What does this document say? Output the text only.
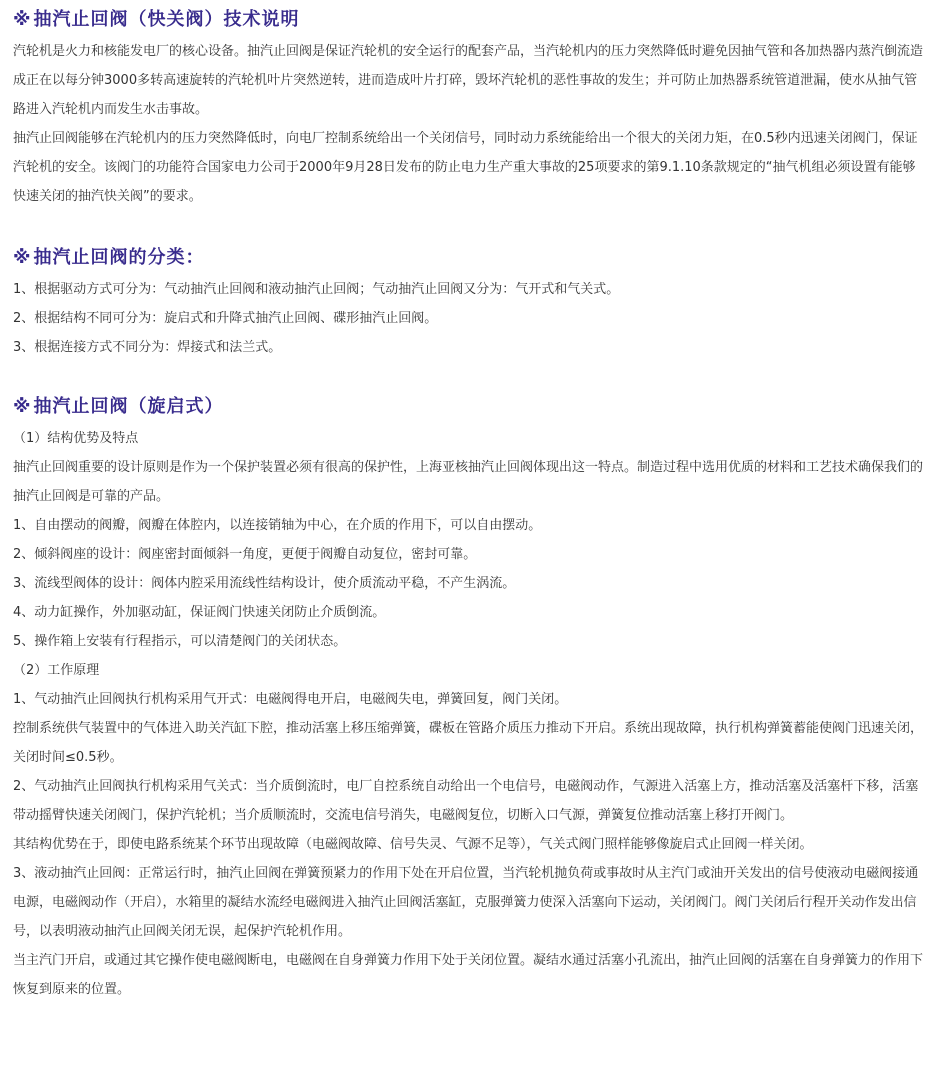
※ 抽汽止回阀（快关阀）技术说明

汽轮机是火力和核能发电厂的核心设备。抽汽止回阀是保证汽轮机的安全运行的配套产品，当汽轮机内的压力突然降低时避免因抽气管和各加热器内蒸汽倒流造成正在以每分钟3000多转高速旋转的汽轮机叶片突然逆转，进而造成叶片打碎，毁坏汽轮机的恶性事故的发生；并可防止加热器系统管道泄漏，使水从抽气管路进入汽轮机内而发生水击事故。

抽汽止回阀能够在汽轮机内的压力突然降低时，向电厂控制系统给出一个关闭信号，同时动力系统能给出一个很大的关闭力矩，在0.5秒内迅速关闭阀门，保证汽轮机的安全。该阀门的功能符合国家电力公司于2000年9月28日发布的防止电力生产重大事故的25项要求的第9.1.10条款规定的“抽气机组必须设置有能够快速关闭的抽汽快关阀”的要求。

※ 抽汽止回阀的分类：

1、根据驱动方式可分为：气动抽汽止回阀和液动抽汽止回阀；气动抽汽止回阀又分为：气开式和气关式。

2、根据结构不同可分为：旋启式和升降式抽汽止回阀、碟形抽汽止回阀。

3、根据连接方式不同分为：焊接式和法兰式。

※ 抽汽止回阀（旋启式）

（1）结构优势及特点

抽汽止回阀重要的设计原则是作为一个保护装置必须有很高的保护性，上海亚核抽汽止回阀体现出这一特点。制造过程中选用优质的材料和工艺技术确保我们的抽汽止回阀是可靠的产品。

1、自由摆动的阀瓣，阀瓣在体腔内，以连接销轴为中心，在介质的作用下，可以自由摆动。

2、倾斜阀座的设计：阀座密封面倾斜一角度，更便于阀瓣自动复位，密封可靠。

3、流线型阀体的设计：阀体内腔采用流线性结构设计，使介质流动平稳，不产生涡流。

4、动力缸操作，外加驱动缸，保证阀门快速关闭防止介质倒流。

5、操作箱上安装有行程指示，可以清楚阀门的关闭状态。

（2）工作原理

1、气动抽汽止回阀执行机构采用气开式：电磁阀得电开启，电磁阀失电，弹簧回复，阀门关闭。

控制系统供气装置中的气体进入助关汽缸下腔，推动活塞上移压缩弹簧，碟板在管路介质压力推动下开启。系统出现故障，执行机构弹簧蓄能使阀门迅速关闭，关闭时间≤0.5秒。

2、气动抽汽止回阀执行机构采用气关式：当介质倒流时，电厂自控系统自动给出一个电信号，电磁阀动作，气源进入活塞上方，推动活塞及活塞杆下移，活塞带动摇臂快速关闭阀门，保护汽轮机；当介质顺流时，交流电信号消失，电磁阀复位，切断入口气源，弹簧复位推动活塞上移打开阀门。

其结构优势在于，即使电路系统某个环节出现故障（电磁阀故障、信号失灵、气源不足等），气关式阀门照样能够像旋启式止回阀一样关闭。

3、液动抽汽止回阀：正常运行时，抽汽止回阀在弹簧预紧力的作用下处在开启位置，当汽轮机抛负荷或事故时从主汽门或油开关发出的信号使液动电磁阀接通电源，电磁阀动作（开启），水箱里的凝结水流经电磁阀进入抽汽止回阀活塞缸，克服弹簧力使深入活塞向下运动，关闭阀门。阀门关闭后行程开关动作发出信号，以表明液动抽汽止回阀关闭无误，起保护汽轮机作用。

当主汽门开启，或通过其它操作使电磁阀断电，电磁阀在自身弹簧力作用下处于关闭位置。凝结水通过活塞小孔流出，抽汽止回阀的活塞在自身弹簧力的作用下恢复到原来的位置。
